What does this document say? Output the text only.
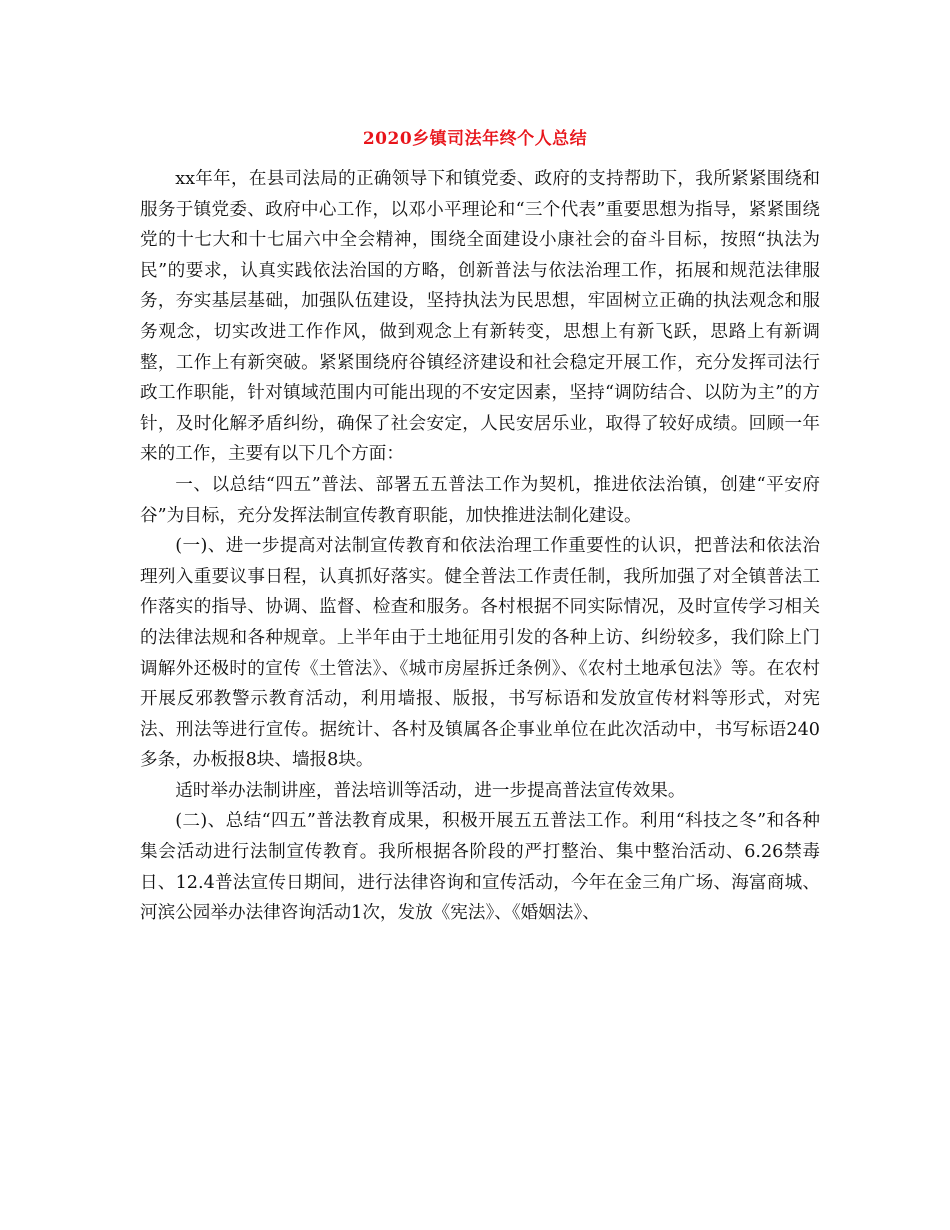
2020乡镇司法年终个人总结

xx年年，在县司法局的正确领导下和镇党委、政府的支持帮助下，我所紧紧围绕和服务于镇党委、政府中心工作，以邓小平理论和“三个代表”重要思想为指导，紧紧围绕党的十七大和十七届六中全会精神，围绕全面建设小康社会的奋斗目标，按照“执法为民”的要求，认真实践依法治国的方略，创新普法与依法治理工作，拓展和规范法律服务，夯实基层基础，加强队伍建设，坚持执法为民思想，牢固树立正确的执法观念和服务观念，切实改进工作作风，做到观念上有新转变，思想上有新飞跃，思路上有新调整，工作上有新突破。紧紧围绕府谷镇经济建设和社会稳定开展工作，充分发挥司法行政工作职能，针对镇域范围内可能出现的不安定因素，坚持“调防结合、以防为主”的方针，及时化解矛盾纠纷，确保了社会安定，人民安居乐业，取得了较好成绩。回顾一年来的工作，主要有以下几个方面：

一、以总结“四五”普法、部署五五普法工作为契机，推进依法治镇，创建“平安府谷”为目标，充分发挥法制宣传教育职能，加快推进法制化建设。

(一)、进一步提高对法制宣传教育和依法治理工作重要性的认识，把普法和依法治理列入重要议事日程，认真抓好落实。健全普法工作责任制，我所加强了对全镇普法工作落实的指导、协调、监督、检查和服务。各村根据不同实际情况，及时宣传学习相关的法律法规和各种规章。上半年由于土地征用引发的各种上访、纠纷较多，我们除上门调解外还极时的宣传《土管法》、《城市房屋拆迁条例》、《农村土地承包法》等。在农村开展反邪教警示教育活动，利用墙报、版报，书写标语和发放宣传材料等形式，对宪法、刑法等进行宣传。据统计、各村及镇属各企事业单位在此次活动中，书写标语240多条，办板报8块、墙报8块。

适时举办法制讲座，普法培训等活动，进一步提高普法宣传效果。

(二)、总结“四五”普法教育成果，积极开展五五普法工作。利用“科技之冬”和各种集会活动进行法制宣传教育。我所根据各阶段的严打整治、集中整治活动、6.26禁毒日、12.4普法宣传日期间，进行法律咨询和宣传活动，今年在金三角广场、海富商城、河滨公园举办法律咨询活动1次，发放《宪法》、《婚姻法》、
